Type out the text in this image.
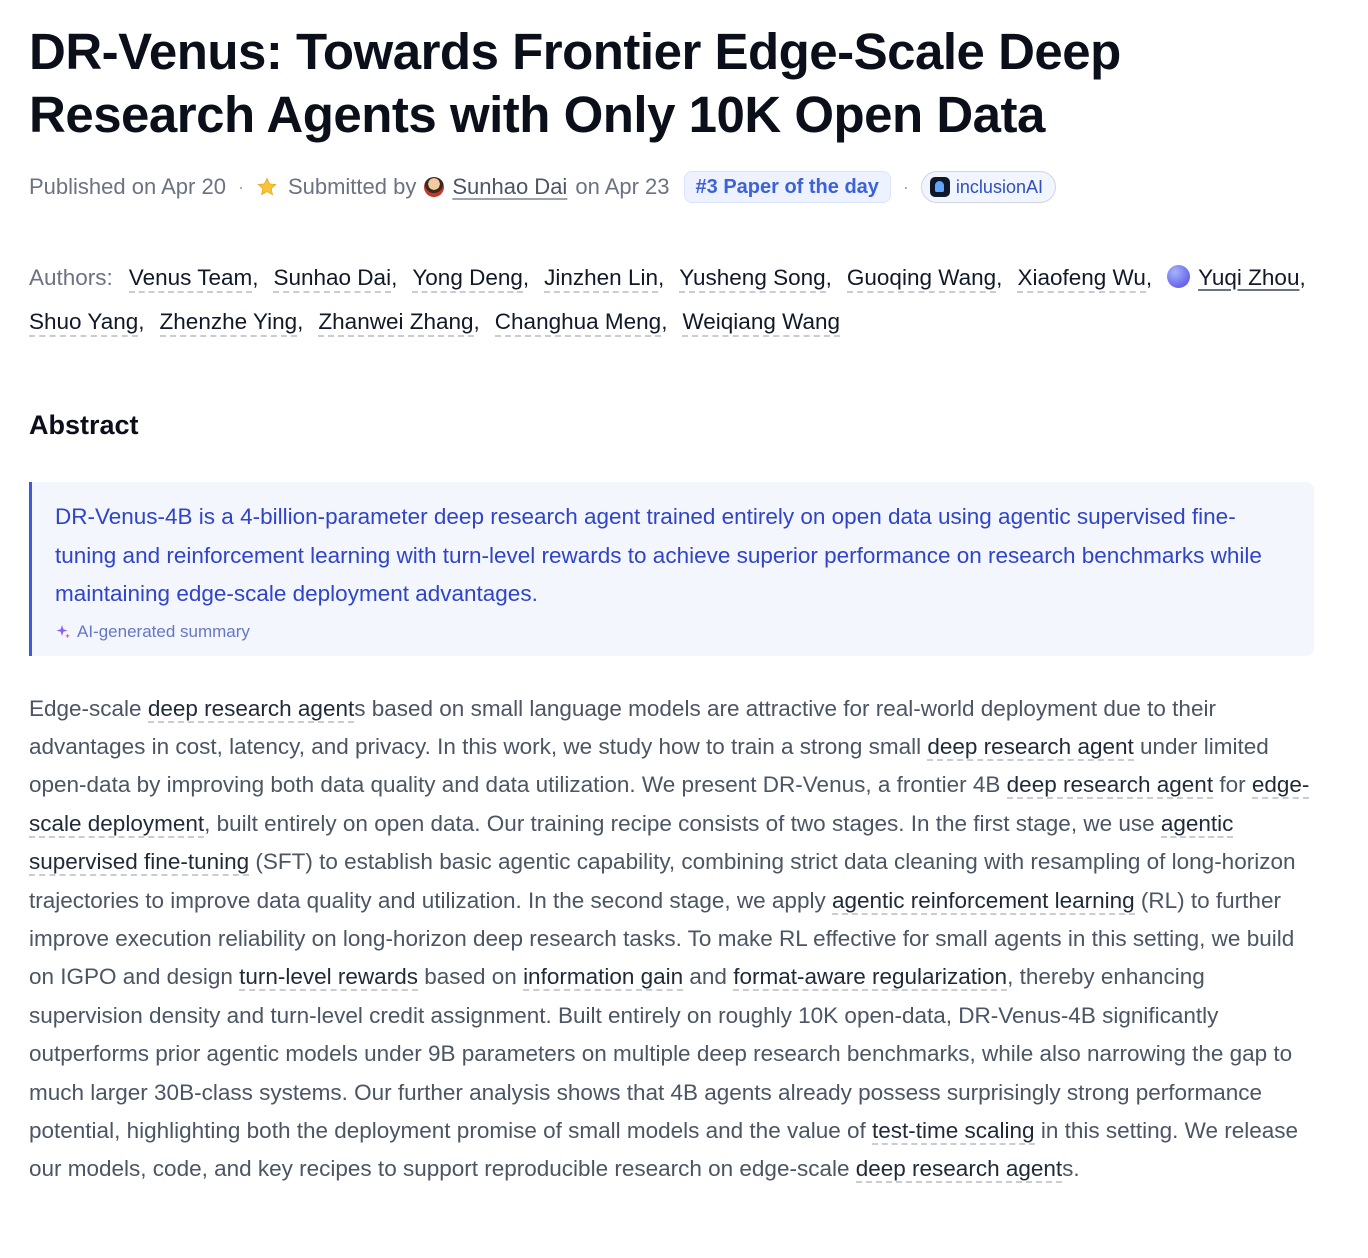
DR-Venus: Towards Frontier Edge-Scale Deep Research Agents with Only 10K Open Data
Published on Apr 20 · Submitted by Sunhao Dai on Apr 23	#3 Paper of the day	·	inclusionAI
Authors: Venus Team, Sunhao Dai, Yong Deng, Jinzhen Lin, Yusheng Song, Guoqing Wang, Xiaofeng Wu, Yuqi Zhou,Shuo Yang, Zhenzhe Ying, Zhanwei Zhang, Changhua Meng, Weiqiang Wang
Abstract

DR-Venus-4B is a 4-billion-parameter deep research agent trained entirely on open data using agentic supervised fine-tuning and reinforcement learning with turn-level rewards to achieve superior performance on research benchmarks while maintaining edge-scale deployment advantages.

AI-generated summary

Edge-scale deep research agents based on small language models are attractive for real-world deployment due to their advantages in cost, latency, and privacy. In this work, we study how to train a strong small deep research agent under limited open-data by improving both data quality and data utilization. We present DR-Venus, a frontier 4B deep research agent for edge-scale deployment, built entirely on open data. Our training recipe consists of two stages. In the first stage, we use agentic supervised fine-tuning (SFT) to establish basic agentic capability, combining strict data cleaning with resampling of long-horizon trajectories to improve data quality and utilization. In the second stage, we apply agentic reinforcement learning (RL) to further improve execution reliability on long-horizon deep research tasks. To make RL effective for small agents in this setting, we build on IGPO and design turn-level rewards based on information gain and format-aware regularization, thereby enhancing supervision density and turn-level credit assignment. Built entirely on roughly 10K open-data, DR-Venus-4B significantly outperforms prior agentic models under 9B parameters on multiple deep research benchmarks, while also narrowing the gap to much larger 30B-class systems. Our further analysis shows that 4B agents already possess surprisingly strong performance potential, highlighting both the deployment promise of small models and the value of test-time scaling in this setting. We release our models, code, and key recipes to support reproducible research on edge-scale deep research agents.
